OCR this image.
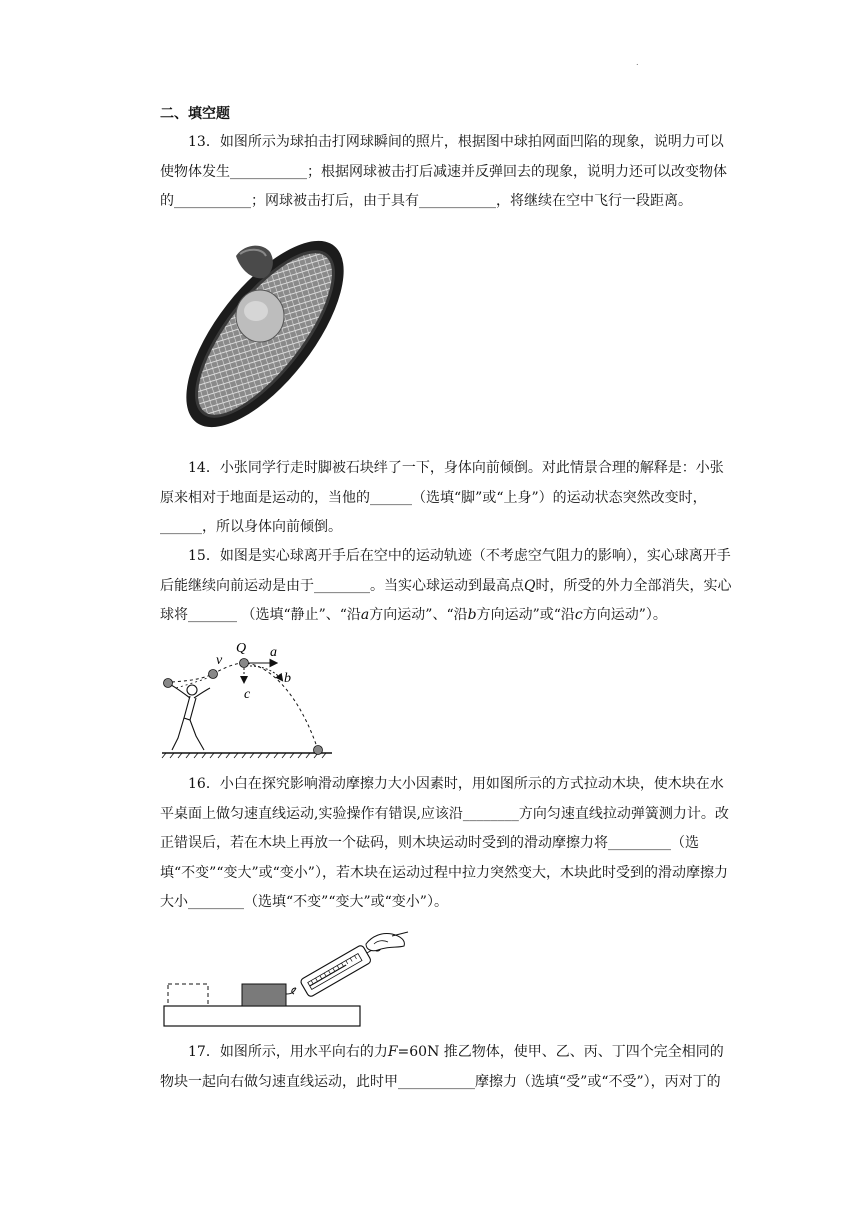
.
二、填空题

13．如图所示为球拍击打网球瞬间的照片，根据图中球拍网面凹陷的现象，说明力可以使物体发生___________；根据网球被击打后减速并反弹回去的现象，说明力还可以改变物体的___________；网球被击打后，由于具有___________，将继续在空中飞行一段距离。

14．小张同学行走时脚被石块绊了一下，身体向前倾倒。对此情景合理的解释是：小张原来相对于地面是运动的，当他的______（选填“脚”或“上身”）的运动状态突然改变时，______，所以身体向前倾倒。

15．如图是实心球离开手后在空中的运动轨迹（不考虑空气阻力的影响），实心球离开手后能继续向前运动是由于________。当实心球运动到最高点Q时，所受的外力全部消失，实心球将_______ （选填“静止”、“沿a方向运动”、“沿b方向运动”或“沿c方向运动”）。

v
Q a
b
c

16．小白在探究影响滑动摩擦力大小因素时，用如图所示的方式拉动木块，使木块在水平桌面上做匀速直线运动,实验操作有错误,应该沿________方向匀速直线拉动弹簧测力计。改正错误后，若在木块上再放一个砝码，则木块运动时受到的滑动摩擦力将_________（选填“不变”“变大”或“变小”），若木块在运动过程中拉力突然变大，木块此时受到的滑动摩擦力大小________（选填“不变”“变大”或“变小”）。

17．如图所示，用水平向右的力F=60N 推乙物体，使甲、乙、丙、丁四个完全相同的物块一起向右做匀速直线运动，此时甲___________摩擦力（选填“受”或“不受”），丙对丁的
